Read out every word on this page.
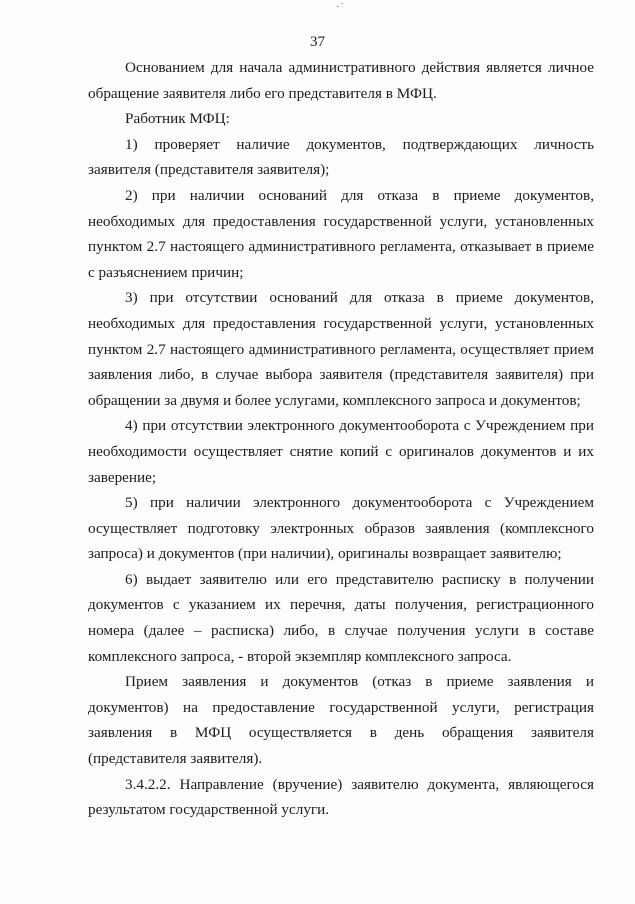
·˙
37

Основанием для начала административного действия является личное обращение заявителя либо его представителя в МФЦ.

Работник МФЦ:

1) проверяет наличие документов, подтверждающих личность заявителя (представителя заявителя);

2) при наличии оснований для отказа в приеме документов, необходимых для предоставления государственной услуги, установленных пунктом 2.7 настоящего административного регламента, отказывает в приеме с разъяснением причин;

3) при отсутствии оснований для отказа в приеме документов, необходимых для предоставления государственной услуги, установленных пунктом 2.7 настоящего административного регламента, осуществляет прием заявления либо, в случае выбора заявителя (представителя заявителя) при обращении за двумя и более услугами, комплексного запроса и документов;

4) при отсутствии электронного документооборота с Учреждением при необходимости осуществляет снятие копий с оригиналов документов и их заверение;

5) при наличии электронного документооборота с Учреждением осуществляет подготовку электронных образов заявления (комплексного запроса) и документов (при наличии), оригиналы возвращает заявителю;

6) выдает заявителю или его представителю расписку в получении документов с указанием их перечня, даты получения, регистрационного номера (далее – расписка) либо, в случае получения услуги в составе комплексного запроса, - второй экземпляр комплексного запроса.

Прием заявления и документов (отказ в приеме заявления и документов) на предоставление государственной услуги, регистрация заявления в МФЦ осуществляется в день обращения заявителя (представителя заявителя).

3.4.2.2. Направление (вручение) заявителю документа, являющегося результатом государственной услуги.
